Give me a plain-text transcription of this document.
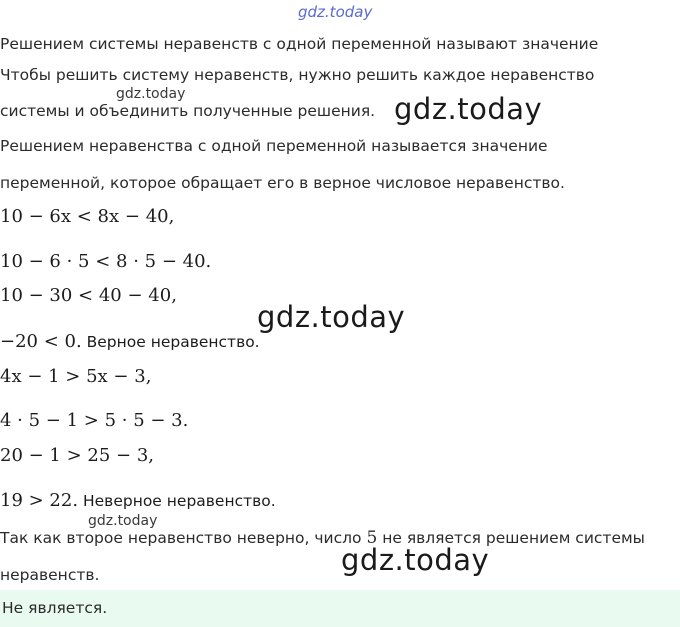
gdz.today
Решением системы неравенств с одной переменной называют значение
Чтобы решить систему неравенств, нужно решить каждое неравенство
gdz.today
системы и объединить полученные решения. gdz.today
Решением неравенства с одной переменной называется значение
переменной, которое обращает его в верное числовое неравенство.
10 − 6x < 8x − 40,
10 − 6 · 5 < 8 · 5 − 40.
10 − 30 < 40 − 40,
gdz.today
−20 < 0. Верное неравенство.
4x − 1 > 5x − 3,
4 · 5 − 1 > 5 · 5 − 3.
20 − 1 > 25 − 3,
19 > 22. Неверное неравенство.
gdz.today
Так как второе неравенство неверно, число 5 не является решением системы
gdz.today
неравенств.
Не является.
